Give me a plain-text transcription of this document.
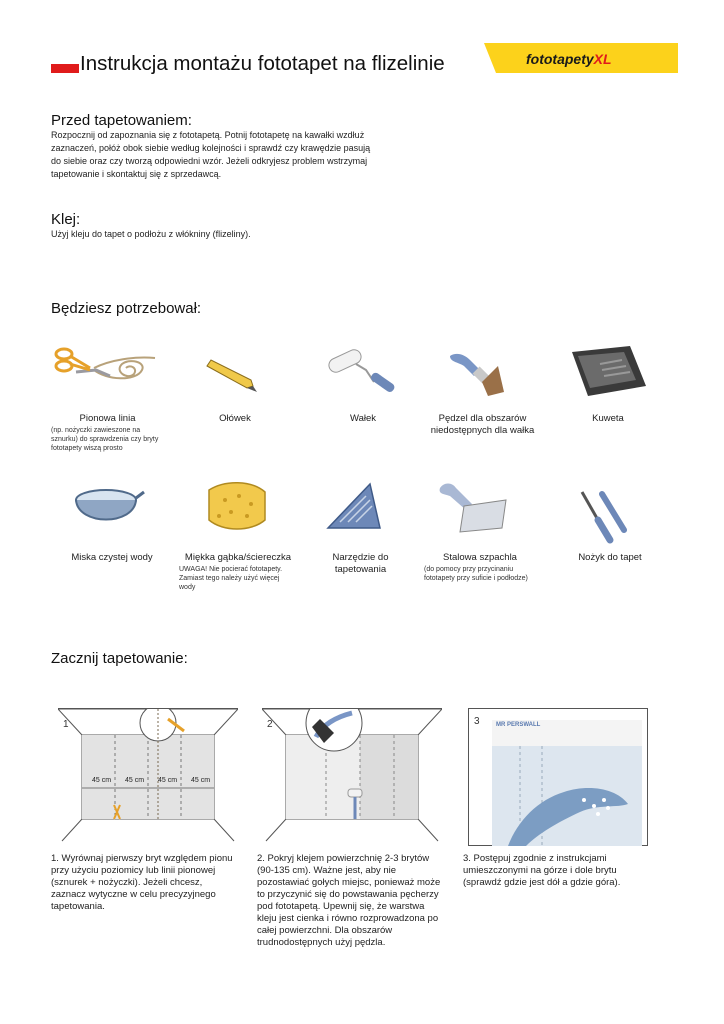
Instrukcja montażu fototapet na flizelinie	fototapetyXL
Przed tapetowaniem:
Rozpocznij od zapoznania się z fototapetą. Potnij fototapetę na kawałki wzdłuż
zaznaczeń, połóż obok siebie według kolejności i sprawdź czy krawędzie pasują
do siebie oraz czy tworzą odpowiedni wzór. Jeżeli odkryjesz problem wstrzymaj
tapetowanie i skontaktuj się z sprzedawcą.
Klej:
Użyj kleju do tapet o podłożu z włókniny (flizeliny).
Będziesz potrzebował:
Pionowa linia
(np. nożyczki zawieszone na
sznurku) do sprawdzenia czy bryty
fototapety wiszą prosto
Ołówek	Wałek	Pędzel dla obszarów
niedostępnych dla wałka
Kuweta
Miska czystej wody	Miękka gąbka/ściereczka
UWAGA! Nie pocierać fototapety.
Zamiast tego należy użyć więcej
wody
Narzędzie do
tapetowania
Stalowa szpachla
(do pomocy przy przycinaniu
fototapety przy suficie i podłodze)
Nożyk do tapet
Zacznij tapetowanie:
1
45 cm 45 cm 45 cm 45 cm
2	3	MR PERSWALL
1. Wyrównaj pierwszy bryt względem pionu
przy użyciu poziomicy lub linii pionowej
(sznurek + nożyczki). Jeżeli chcesz,
zaznacz wytyczne w celu precyzyjnego
tapetowania.
2. Pokryj klejem powierzchnię 2-3 brytów
(90-135 cm). Ważne jest, aby nie
pozostawiać gołych miejsc, ponieważ może
to przyczynić się do powstawania pęcherzy
pod fototapetą. Upewnij się, że warstwa
kleju jest cienka i równo rozprowadzona po
całej powierzchni. Dla obszarów
trudnodostępnych użyj pędzla.
3. Postępuj zgodnie z instrukcjami
umieszczonymi na górze i dole brytu
(sprawdź gdzie jest dół a gdzie góra).
